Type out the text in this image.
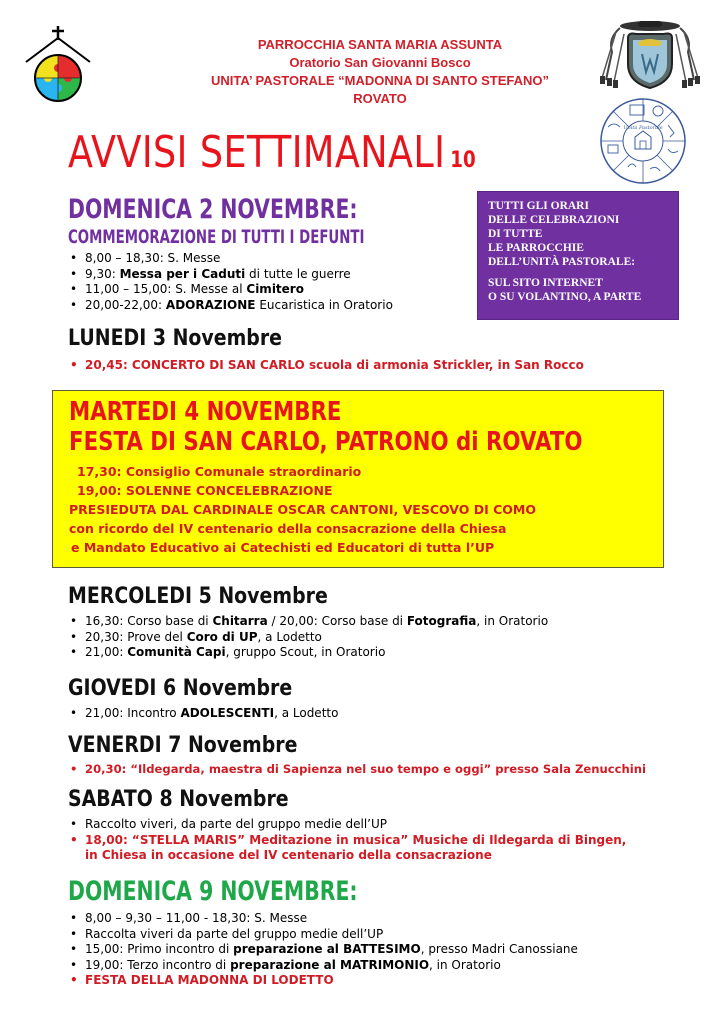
Unità Pastorale
PARROCCHIA SANTA MARIA ASSUNTA
Oratorio San Giovanni Bosco
UNITA’ PASTORALE “MADONNA DI SANTO STEFANO”
ROVATO
AVVISI SETTIMANALI 10
TUTTI GLI ORARI
DELLE CELEBRAZIONI
DI TUTTE
LE PARROCCHIE
DELL’UNITÀ PASTORALE:
SUL SITO INTERNET
O SU VOLANTINO, A PARTE
DOMENICA 2 NOVEMBRE:
COMMEMORAZIONE DI TUTTI I DEFUNTI
• 8,00 – 18,30: S. Messe
• 9,30: Messa per i Caduti di tutte le guerre
• 11,00 – 15,00: S. Messe al Cimitero
• 20,00-22,00: ADORAZIONE Eucaristica in Oratorio
LUNEDI 3 Novembre
• 20,45: CONCERTO DI SAN CARLO scuola di armonia Strickler, in San Rocco
MARTEDI 4 NOVEMBRE
FESTA DI SAN CARLO, PATRONO di ROVATO
17,30: Consiglio Comunale straordinario
19,00: SOLENNE CONCELEBRAZIONE
PRESIEDUTA DAL CARDINALE OSCAR CANTONI, VESCOVO DI COMO
con ricordo del IV centenario della consacrazione della Chiesa
e Mandato Educativo ai Catechisti ed Educatori di tutta l’UP
MERCOLEDI 5 Novembre
• 16,30: Corso base di Chitarra / 20,00: Corso base di Fotografia, in Oratorio
• 20,30: Prove del Coro di UP, a Lodetto
• 21,00: Comunità Capi, gruppo Scout, in Oratorio
GIOVEDI 6 Novembre
• 21,00: Incontro ADOLESCENTI, a Lodetto
VENERDI 7 Novembre
• 20,30: “Ildegarda, maestra di Sapienza nel suo tempo e oggi” presso Sala Zenucchini
SABATO 8 Novembre
• Raccolto viveri, da parte del gruppo medie dell’UP
• 18,00: “STELLA MARIS” Meditazione in musica” Musiche di Ildegarda di Bingen,
in Chiesa in occasione del IV centenario della consacrazione
DOMENICA 9 NOVEMBRE:
• 8,00 – 9,30 – 11,00 - 18,30: S. Messe
• Raccolta viveri da parte del gruppo medie dell’UP
• 15,00: Primo incontro di preparazione al BATTESIMO, presso Madri Canossiane
• 19,00: Terzo incontro di preparazione al MATRIMONIO, in Oratorio
• FESTA DELLA MADONNA DI LODETTO
